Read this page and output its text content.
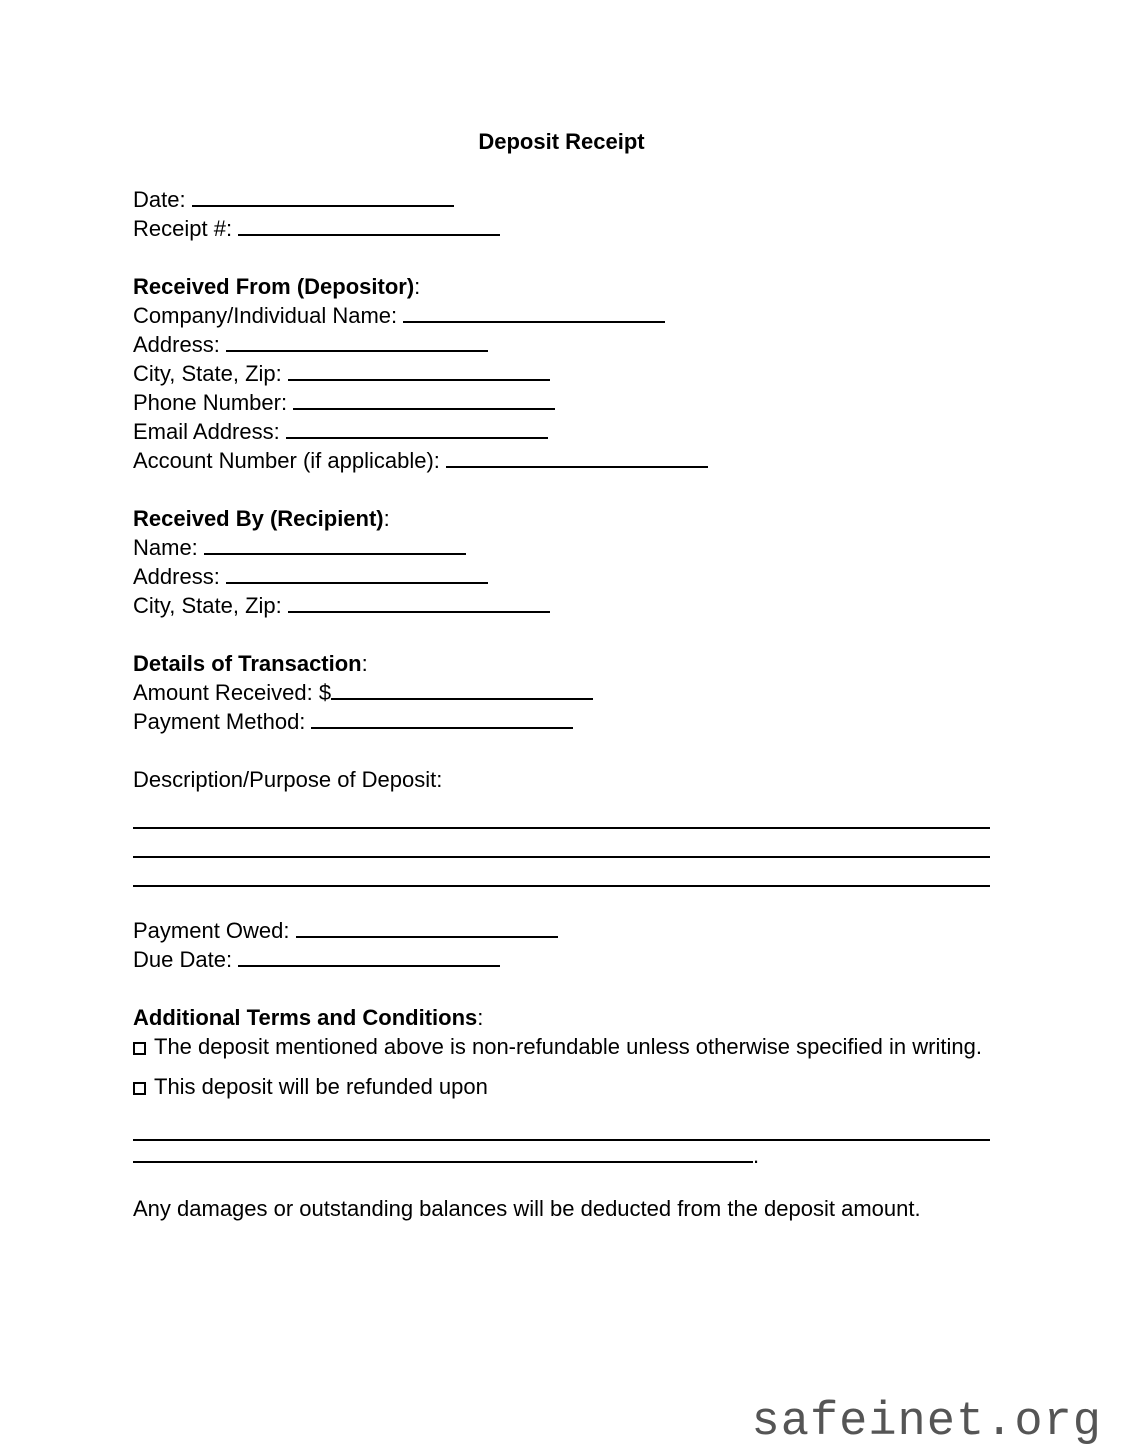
Deposit Receipt
Date:
Receipt #:
Received From (Depositor):
Company/Individual Name:
Address:
City, State, Zip:
Phone Number:
Email Address:
Account Number (if applicable):
Received By (Recipient):
Name:
Address:
City, State, Zip:
Details of Transaction:
Amount Received: $
Payment Method:
Description/Purpose of Deposit:
Payment Owed:
Due Date:
Additional Terms and Conditions:
The deposit mentioned above is non-refundable unless otherwise specified in writing.
This deposit will be refunded upon
.
Any damages or outstanding balances will be deducted from the deposit amount.
safeinet.org
